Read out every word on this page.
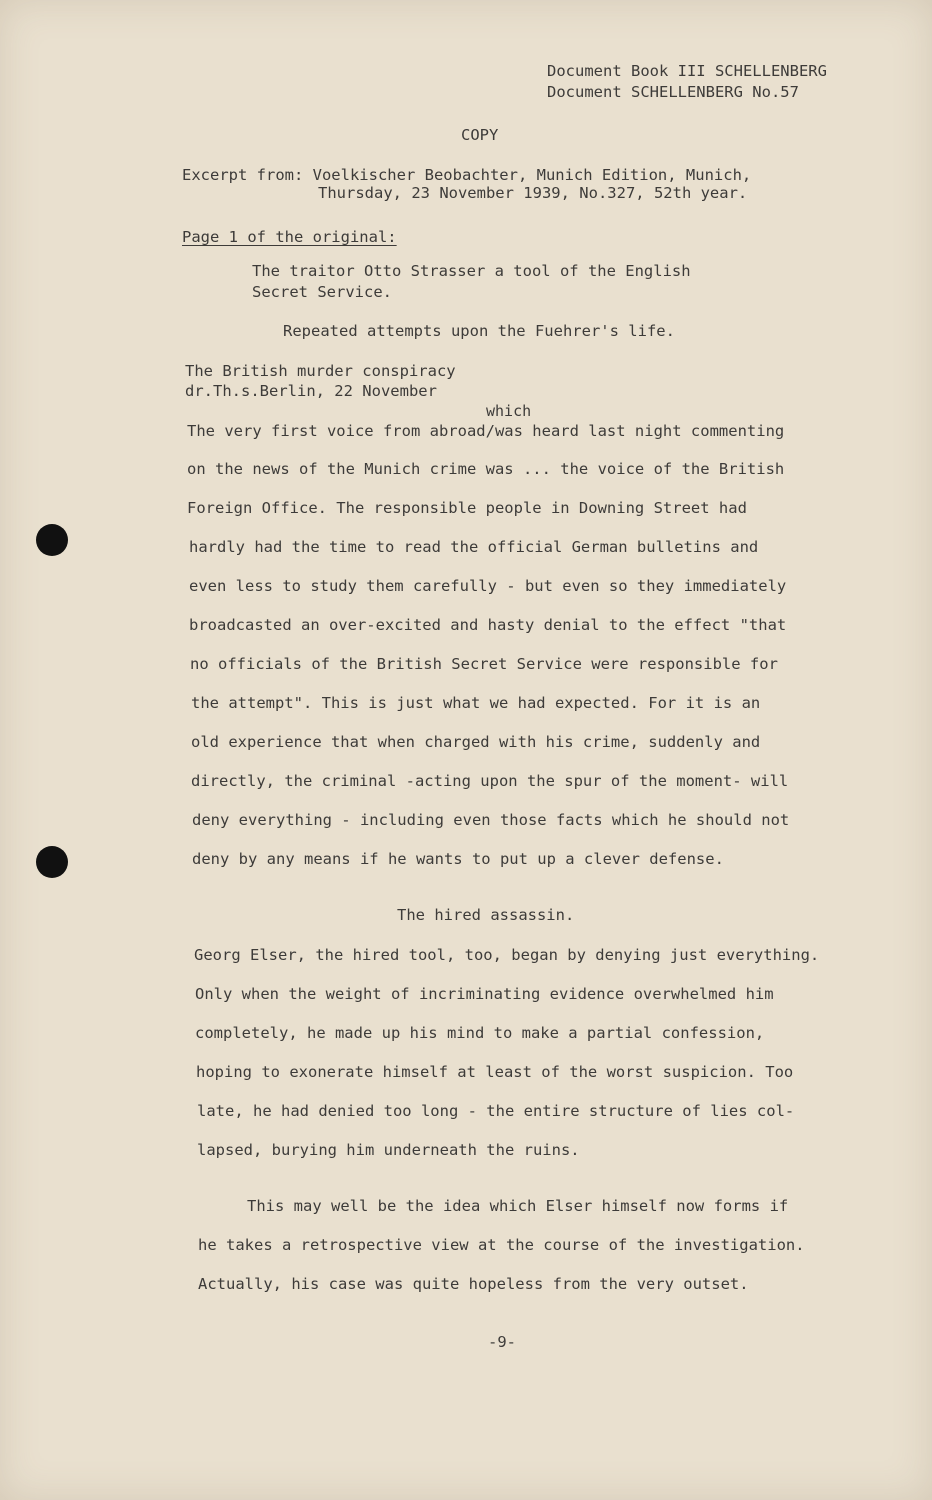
Document Book III SCHELLENBERG
Document SCHELLENBERG No.57
COPY
Excerpt from: Voelkischer Beobachter, Munich Edition, Munich,
Thursday, 23 November 1939, No.327, 52th year.
Page 1 of the original:
The traitor Otto Strasser a tool of the English
Secret Service.
Repeated attempts upon the Fuehrer's life.
The British murder conspiracy
dr.Th.s.Berlin, 22 November
which
The very first voice from abroad/was heard last night commenting
on the news of the Munich crime was ... the voice of the British
Foreign Office. The responsible people in Downing Street had
hardly had the time to read the official German bulletins and
even less to study them carefully - but even so they immediately
broadcasted an over-excited and hasty denial to the effect "that
no officials of the British Secret Service were responsible for
the attempt". This is just what we had expected. For it is an
old experience that when charged with his crime, suddenly and
directly, the criminal -acting upon the spur of the moment- will
deny everything - including even those facts which he should not
deny by any means if he wants to put up a clever defense.
The hired assassin.
Georg Elser, the hired tool, too, began by denying just everything.
Only when the weight of incriminating evidence overwhelmed him
completely, he made up his mind to make a partial confession,
hoping to exonerate himself at least of the worst suspicion. Too
late, he had denied too long - the entire structure of lies col-
lapsed, burying him underneath the ruins.
This may well be the idea which Elser himself now forms if
he takes a retrospective view at the course of the investigation.
Actually, his case was quite hopeless from the very outset.
-9-
